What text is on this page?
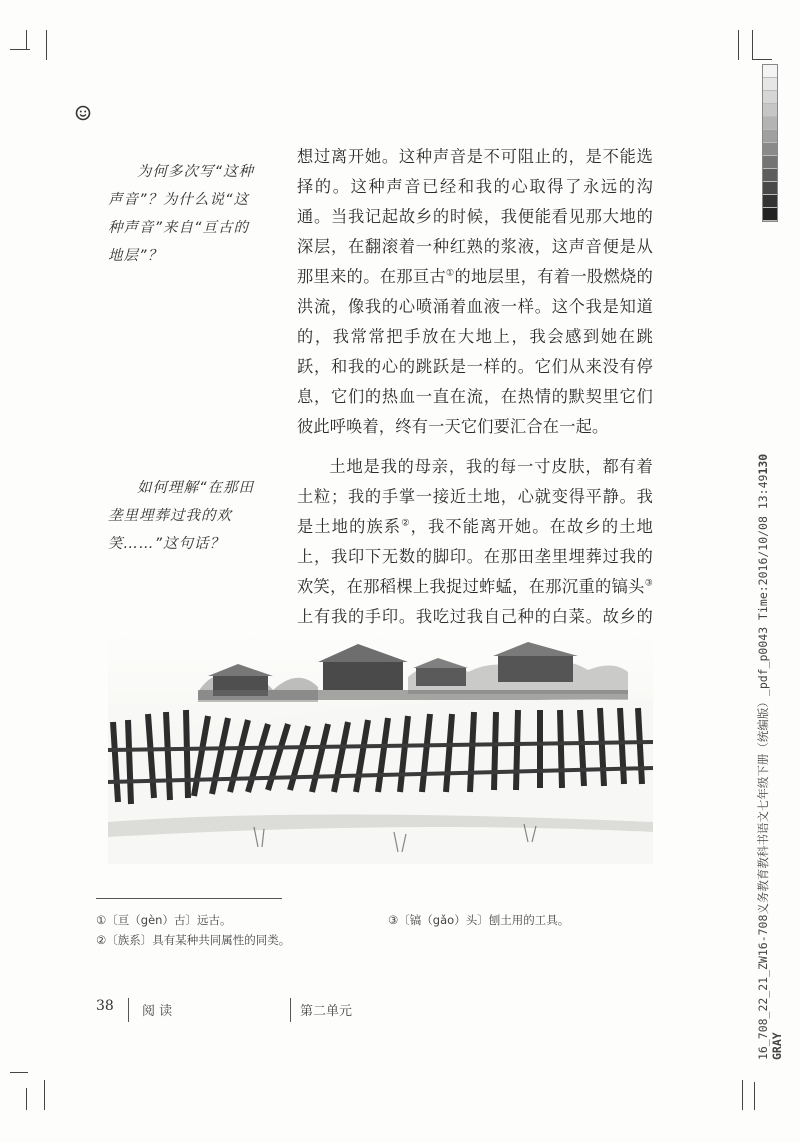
为何多次写“这种声音”？为什么说“这种声音”来自“亘古的地层”？

如何理解“在那田垄里埋葬过我的欢笑……”这句话？

想过离开她。这种声音是不可阻止的，是不能选择的。这种声音已经和我的心取得了永远的沟通。当我记起故乡的时候，我便能看见那大地的深层，在翻滚着一种红熟的浆液，这声音便是从那里来的。在那亘古①的地层里，有着一股燃烧的洪流，像我的心喷涌着血液一样。这个我是知道的，我常常把手放在大地上，我会感到她在跳跃，和我的心的跳跃是一样的。它们从来没有停息，它们的热血一直在流，在热情的默契里它们彼此呼唤着，终有一天它们要汇合在一起。

土地是我的母亲，我的每一寸皮肤，都有着土粒；我的手掌一接近土地，心就变得平静。我是土地的族系②，我不能离开她。在故乡的土地上，我印下无数的脚印。在那田垄里埋葬过我的欢笑，在那稻棵上我捉过蚱蜢，在那沉重的镐头③上有我的手印。我吃过我自己种的白菜。故乡的

①〔亘（gèn）古〕远古。
②〔族系〕具有某种共同属性的同类。
③〔镐（gǎo）头〕刨土用的工具。
38 阅 读	第二单元	16_708_22_21_ZW16-708义务教育教科书语文七年级下册（统编版）_pdf_p0043 Time:2016/10/08 13:49130
GRAY
